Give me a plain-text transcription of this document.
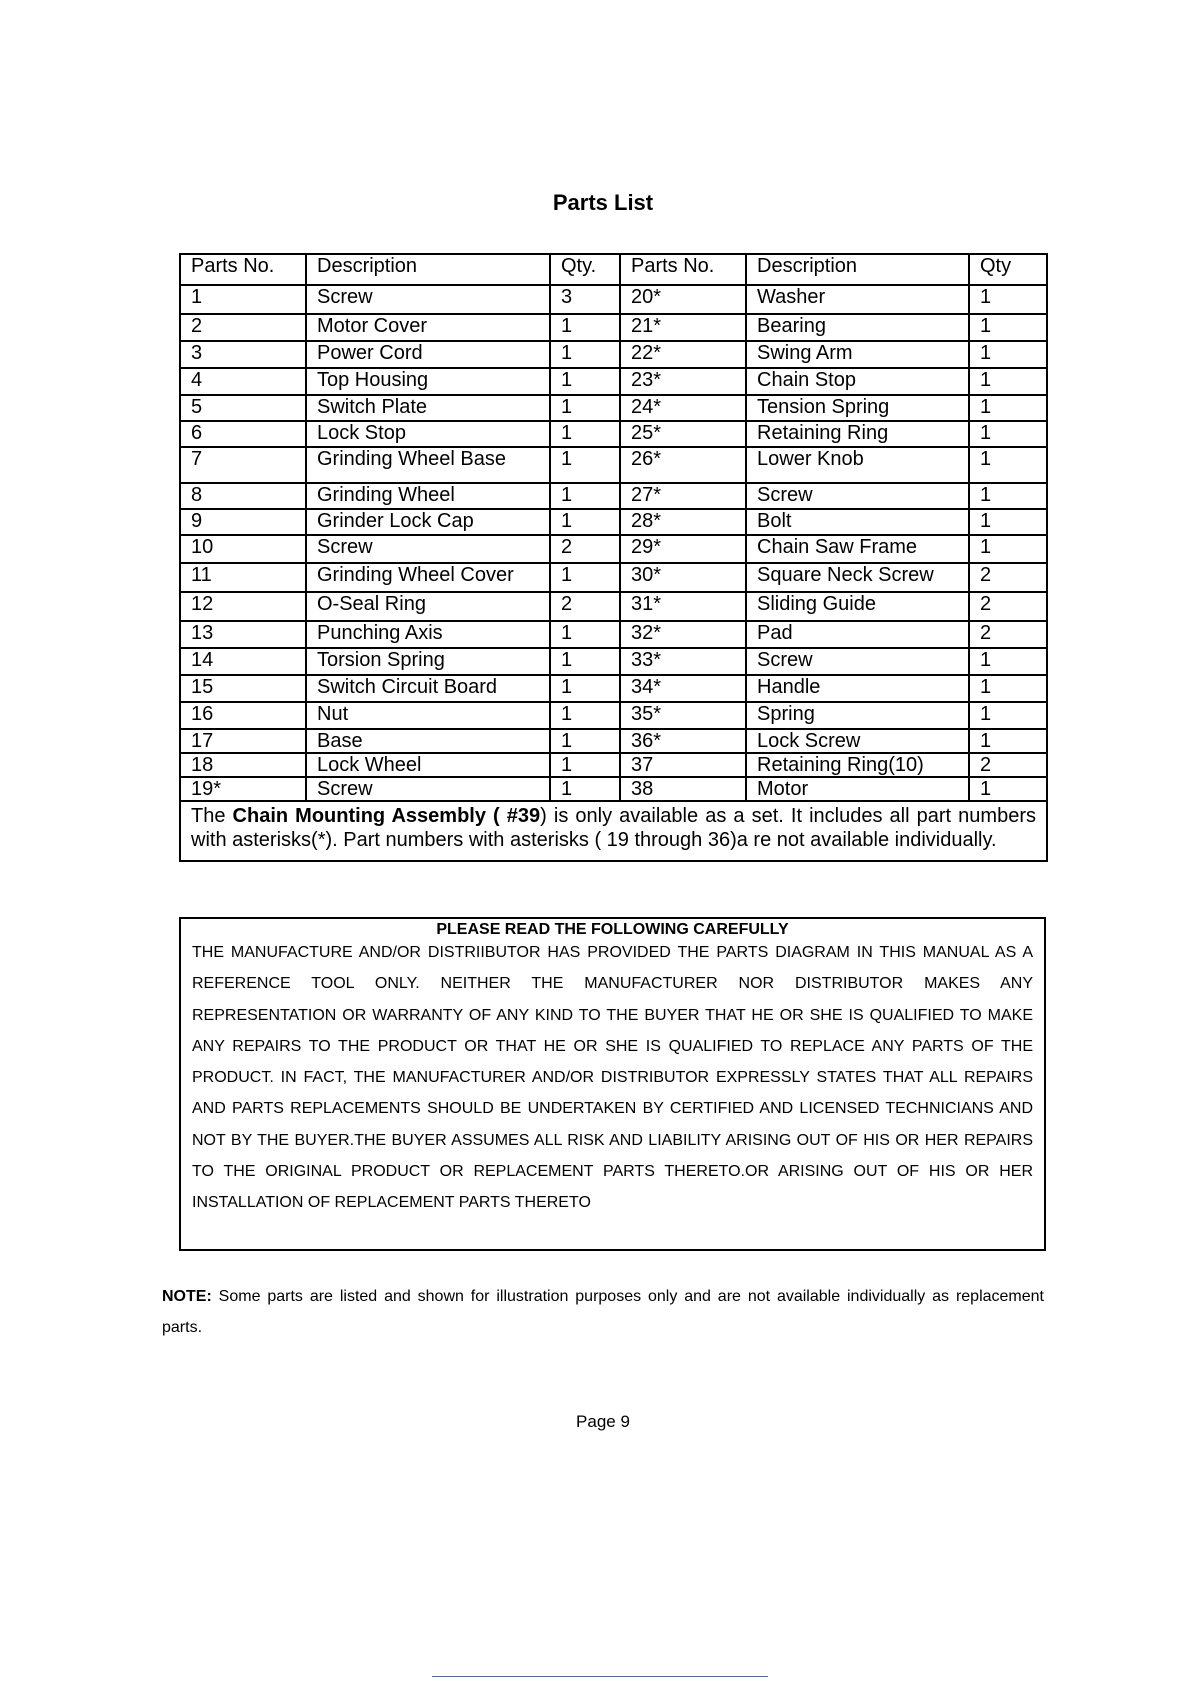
Parts List
Parts No.	Description	Qty.	Parts No.	Description	Qty
1	Screw	3	20*	Washer	1
2	Motor Cover	1	21*	Bearing	1
3	Power Cord	1	22*	Swing Arm	1
4	Top Housing	1	23*	Chain Stop	1
5	Switch Plate	1	24*	Tension Spring	1
6	Lock Stop	1	25*	Retaining Ring	1
7	Grinding Wheel Base	1	26*	Lower Knob	1
8	Grinding Wheel	1	27*	Screw	1
9	Grinder Lock Cap	1	28*	Bolt	1
10	Screw	2	29*	Chain Saw Frame	1
11	Grinding Wheel Cover	1	30*	Square Neck Screw	2
12	O-Seal Ring	2	31*	Sliding Guide	2
13	Punching Axis	1	32*	Pad	2
14	Torsion Spring	1	33*	Screw	1
15	Switch Circuit Board	1	34*	Handle	1
16	Nut	1	35*	Spring	1
17	Base	1	36*	Lock Screw	1
18	Lock Wheel	1	37	Retaining Ring(10)	2
19*	Screw	1	38	Motor	1
The Chain Mounting Assembly ( #39) is only available as a set. It includes all part numbers with asterisks(*). Part numbers with asterisks ( 19 through 36)a re not available individually.					
PLEASE READ THE FOLLOWING CAREFULLY
THE MANUFACTURE AND/OR DISTRIIBUTOR HAS PROVIDED THE PARTS DIAGRAM IN THIS MANUAL AS A REFERENCE TOOL ONLY. NEITHER THE MANUFACTURER NOR DISTRIBUTOR MAKES ANY REPRESENTATION OR WARRANTY OF ANY KIND TO THE BUYER THAT HE OR SHE IS QUALIFIED TO MAKE ANY REPAIRS TO THE PRODUCT OR THAT HE OR SHE IS QUALIFIED TO REPLACE ANY PARTS OF THE PRODUCT. IN FACT, THE MANUFACTURER AND/OR DISTRIBUTOR EXPRESSLY STATES THAT ALL REPAIRS AND PARTS REPLACEMENTS SHOULD BE UNDERTAKEN BY CERTIFIED AND LICENSED TECHNICIANS AND NOT BY THE BUYER.THE BUYER ASSUMES ALL RISK AND LIABILITY ARISING OUT OF HIS OR HER REPAIRS TO THE ORIGINAL PRODUCT OR REPLACEMENT PARTS THERETO.OR ARISING OUT OF HIS OR HER INSTALLATION OF REPLACEMENT PARTS THERETO
NOTE: Some parts are listed and shown for illustration purposes only and are not available individually as replacement parts.
Page 9
